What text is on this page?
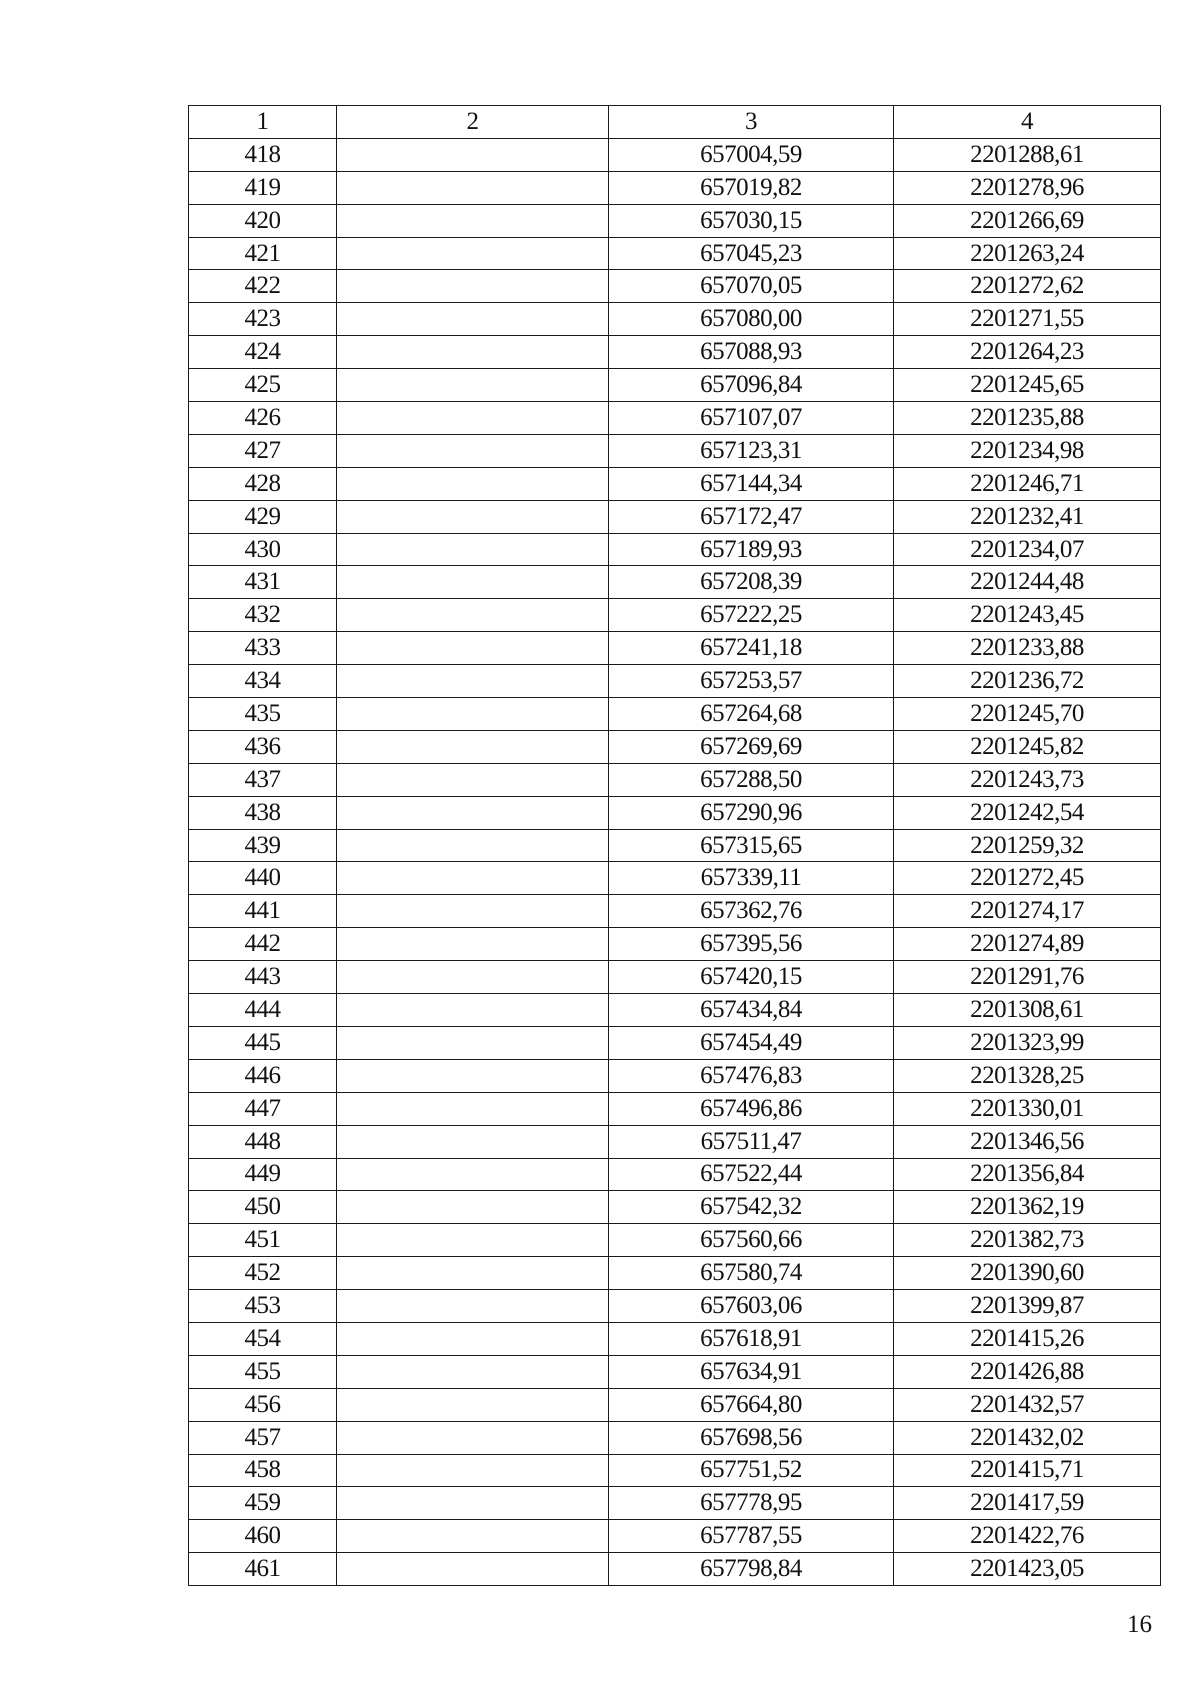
1	2	3	4
418		657004,59	2201288,61
419		657019,82	2201278,96
420		657030,15	2201266,69
421		657045,23	2201263,24
422		657070,05	2201272,62
423		657080,00	2201271,55
424		657088,93	2201264,23
425		657096,84	2201245,65
426		657107,07	2201235,88
427		657123,31	2201234,98
428		657144,34	2201246,71
429		657172,47	2201232,41
430		657189,93	2201234,07
431		657208,39	2201244,48
432		657222,25	2201243,45
433		657241,18	2201233,88
434		657253,57	2201236,72
435		657264,68	2201245,70
436		657269,69	2201245,82
437		657288,50	2201243,73
438		657290,96	2201242,54
439		657315,65	2201259,32
440		657339,11	2201272,45
441		657362,76	2201274,17
442		657395,56	2201274,89
443		657420,15	2201291,76
444		657434,84	2201308,61
445		657454,49	2201323,99
446		657476,83	2201328,25
447		657496,86	2201330,01
448		657511,47	2201346,56
449		657522,44	2201356,84
450		657542,32	2201362,19
451		657560,66	2201382,73
452		657580,74	2201390,60
453		657603,06	2201399,87
454		657618,91	2201415,26
455		657634,91	2201426,88
456		657664,80	2201432,57
457		657698,56	2201432,02
458		657751,52	2201415,71
459		657778,95	2201417,59
460		657787,55	2201422,76
461		657798,84	2201423,05
16
